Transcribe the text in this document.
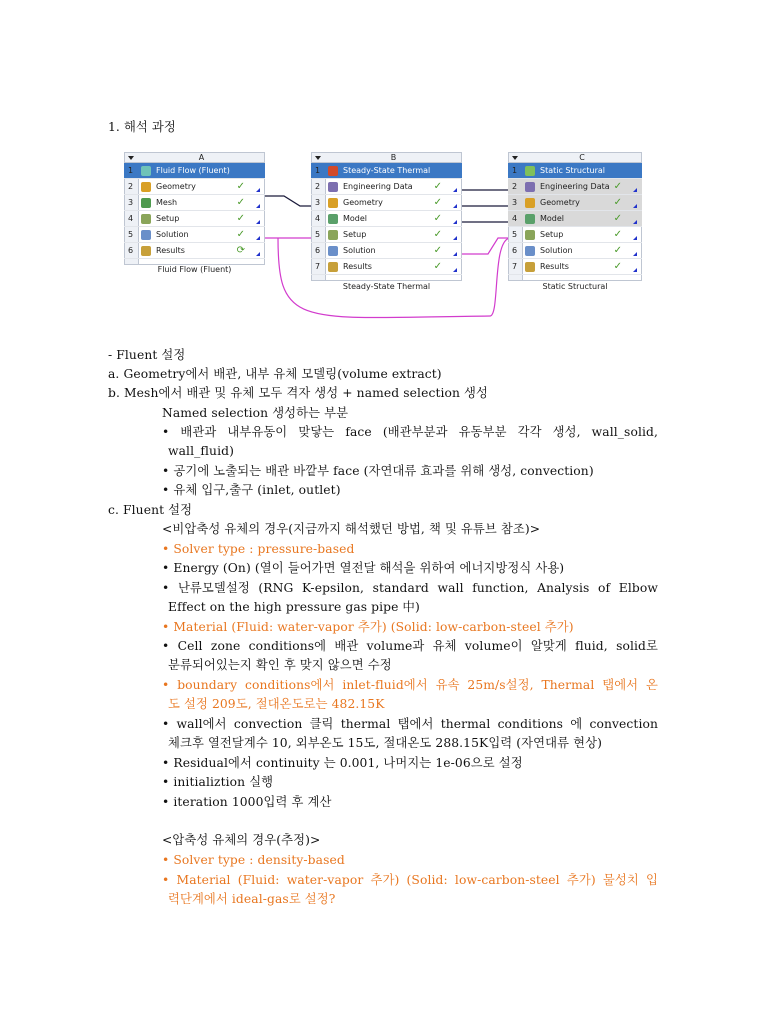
1. 해석 과정
A
1	Fluid Flow (Fluent)
2	Geometry	✓
3	Mesh	✓
4	Setup	✓
5	Solution	✓
6	Results	⟳
Fluid Flow (Fluent)
B
1	Steady-State Thermal
2	Engineering Data ✓
3	Geometry	✓
4	Model	✓
5	Setup	✓
6	Solution	✓
7	Results	✓
Steady-State Thermal
C
1	Static Structural
2	Engineering Data ✓
3	Geometry	✓
4	Model	✓
5	Setup	✓
6	Solution	✓
7	Results	✓
Static Structural
- Fluent 설정
a. Geometry에서 배관, 내부 유체 모델링(volume extract)
b. Mesh에서 배관 및 유체 모두 격자 생성 + named selection 생성
Named selection 생성하는 부분
• 배관과 내부유동이 맞닿는 face (배관부분과 유동부분 각각 생성, wall_solid,
wall_fluid)
• 공기에 노출되는 배관 바깥부 face (자연대류 효과를 위해 생성, convection)
• 유체 입구,출구 (inlet, outlet)
c. Fluent 설정
<비압축성 유체의 경우(지금까지 해석했던 방법, 책 및 유튜브 참조)>
• Solver type : pressure-based
• Energy (On) (열이 들어가면 열전달 해석을 위하여 에너지방정식 사용)
• 난류모델설정 (RNG K-epsilon, standard wall function, Analysis of Elbow
Effect on the high pressure gas pipe 中)
• Material (Fluid: water-vapor 추가) (Solid: low-carbon-steel 추가)
• Cell zone conditions에 배관 volume과 유체 volume이 알맞게 fluid, solid로
분류되어있는지 확인 후 맞지 않으면 수정
• boundary conditions에서 inlet-fluid에서 유속 25m/s설정, Thermal 탭에서 온
도 설정 209도, 절대온도로는 482.15K
• wall에서 convection 클릭 thermal 탭에서 thermal conditions 에 convection
체크후 열전달계수 10, 외부온도 15도, 절대온도 288.15K입력 (자연대류 현상)
• Residual에서 continuity 는 0.001, 나머지는 1e-06으로 설정
• initializtion 실행
• iteration 1000입력 후 계산
<압축성 유체의 경우(추정)>
• Solver type : density-based
• Material (Fluid: water-vapor 추가) (Solid: low-carbon-steel 추가) 물성치 입
력단계에서 ideal-gas로 설정?
